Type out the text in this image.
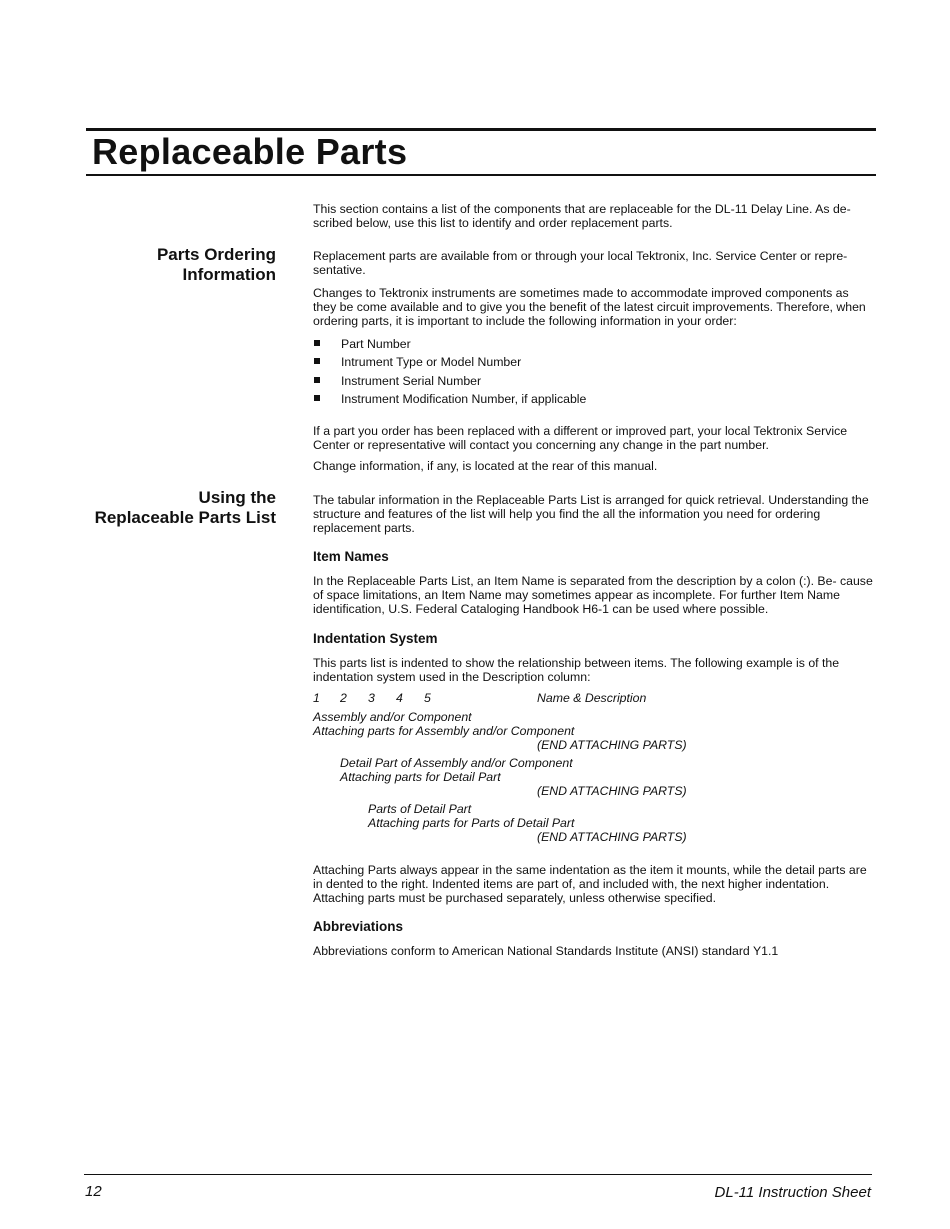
Replaceable Parts

This section contains a list of the components that are replaceable for the DL-11 Delay Line. As de- scribed below, use this list to identify and order replacement parts.

Parts Ordering
Information

Replacement parts are available from or through your local Tektronix, Inc. Service Center or repre- sentative.

Changes to Tektronix instruments are sometimes made to accommodate improved components as they be come available and to give you the benefit of the latest circuit improvements. Therefore, when ordering parts, it is important to include the following information in your order:

Part Number
Intrument Type or Model Number
Instrument Serial Number
Instrument Modification Number, if applicable

If a part you order has been replaced with a different or improved part, your local Tektronix Service Center or representative will contact you concerning any change in the part number.

Change information, if any, is located at the rear of this manual.

Using the
Replaceable Parts List

The tabular information in the Replaceable Parts List is arranged for quick retrieval. Understanding the structure and features of the list will help you find the all the information you need for ordering replacement parts.

Item Names

In the Replaceable Parts List, an Item Name is separated from the description by a colon (:). Be- cause of space limitations, an Item Name may sometimes appear as incomplete. For further Item Name identification, U.S. Federal Cataloging Handbook H6-1 can be used where possible.

Indentation System

This parts list is indented to show the relationship between items. The following example is of the indentation system used in the Description column:

1 2 3 4 5	Name & Description

Assembly and/or Component

Attaching parts for Assembly and/or Component

(END ATTACHING PARTS)

Detail Part of Assembly and/or Component

Attaching parts for Detail Part

(END ATTACHING PARTS)

Parts of Detail Part

Attaching parts for Parts of Detail Part

(END ATTACHING PARTS)

Attaching Parts always appear in the same indentation as the item it mounts, while the detail parts are in dented to the right. Indented items are part of, and included with, the next higher indentation. Attaching parts must be purchased separately, unless otherwise specified.

Abbreviations

Abbreviations conform to American National Standards Institute (ANSI) standard Y1.1

12	DL-11 Instruction Sheet
